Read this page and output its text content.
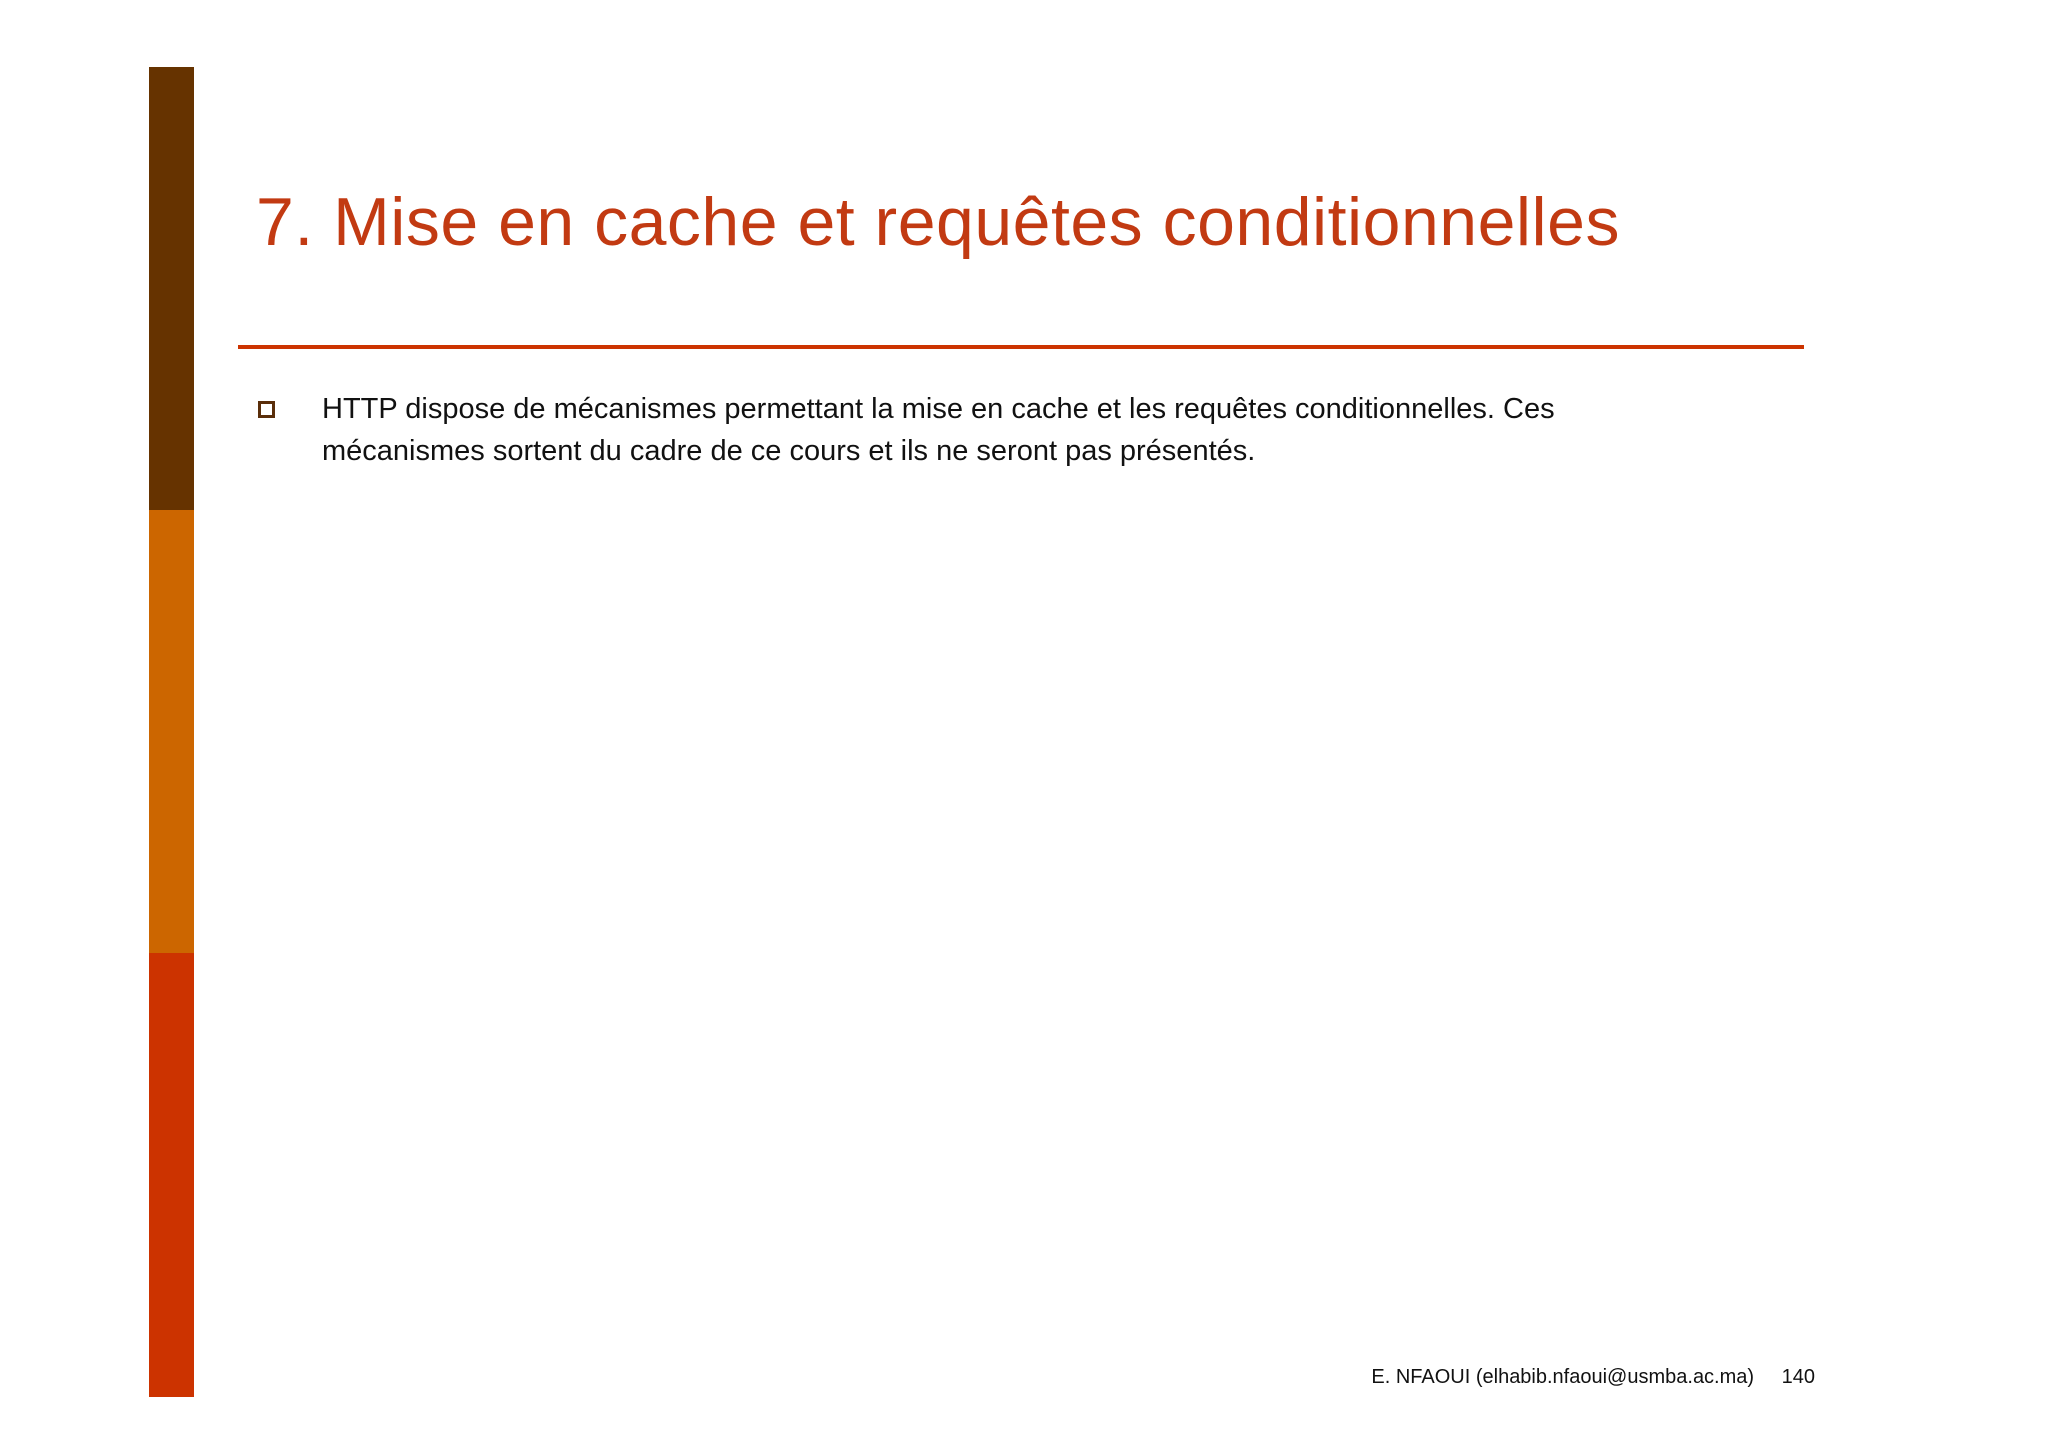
7. Mise en cache et requêtes conditionnelles
HTTP dispose de mécanismes permettant la mise en cache et les requêtes conditionnelles. Ces
mécanismes sortent du cadre de ce cours et ils ne seront pas présentés.
E. NFAOUI (elhabib.nfaoui@usmba.ac.ma) 140
